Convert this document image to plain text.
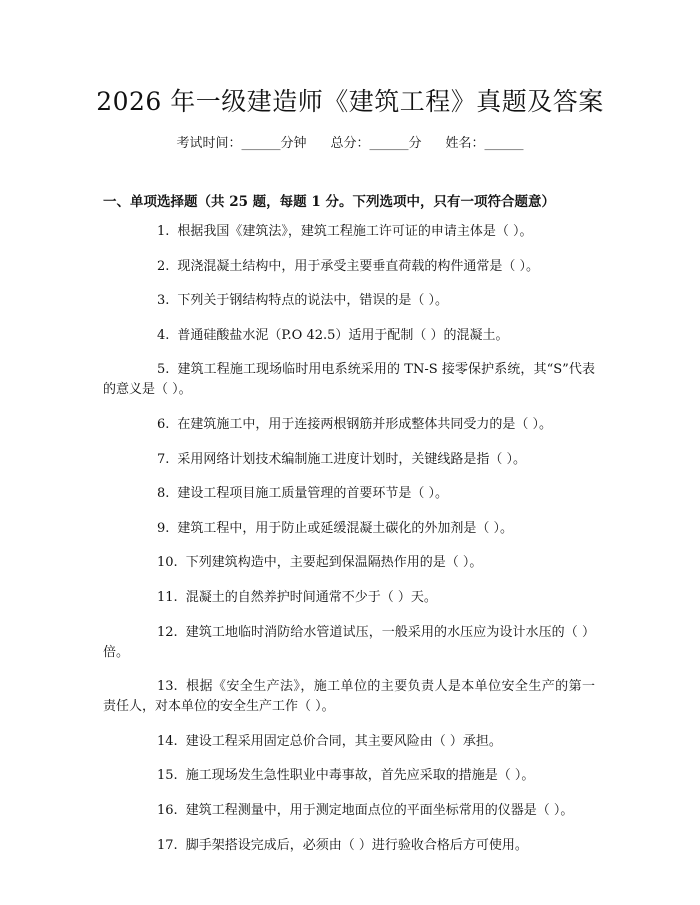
2026 年一级建造师《建筑工程》真题及答案

考试时间：______分钟 总分：______分 姓名：______

一、单项选择题（共 25 题，每题 1 分。下列选项中，只有一项符合题意）
1. 根据我国《建筑法》，建筑工程施工许可证的申请主体是（ ）。
2. 现浇混凝土结构中，用于承受主要垂直荷载的构件通常是（ ）。
3. 下列关于钢结构特点的说法中，错误的是（ ）。
4. 普通硅酸盐水泥（P.O 42.5）适用于配制（ ）的混凝土。
5. 建筑工程施工现场临时用电系统采用的 TN-S 接零保护系统，其“S”代表的意义是（ ）。
6. 在建筑施工中，用于连接两根钢筋并形成整体共同受力的是（ ）。
7. 采用网络计划技术编制施工进度计划时，关键线路是指（ ）。
8. 建设工程项目施工质量管理的首要环节是（ ）。
9. 建筑工程中，用于防止或延缓混凝土碳化的外加剂是（ ）。
10. 下列建筑构造中，主要起到保温隔热作用的是（ ）。
11. 混凝土的自然养护时间通常不少于（ ）天。
12. 建筑工地临时消防给水管道试压，一般采用的水压应为设计水压的（ ）倍。
13. 根据《安全生产法》，施工单位的主要负责人是本单位安全生产的第一责任人，对本单位的安全生产工作（ ）。
14. 建设工程采用固定总价合同，其主要风险由（ ）承担。
15. 施工现场发生急性职业中毒事故，首先应采取的措施是（ ）。
16. 建筑工程测量中，用于测定地面点位的平面坐标常用的仪器是（ ）。
17. 脚手架搭设完成后，必须由（ ）进行验收合格后方可使用。
